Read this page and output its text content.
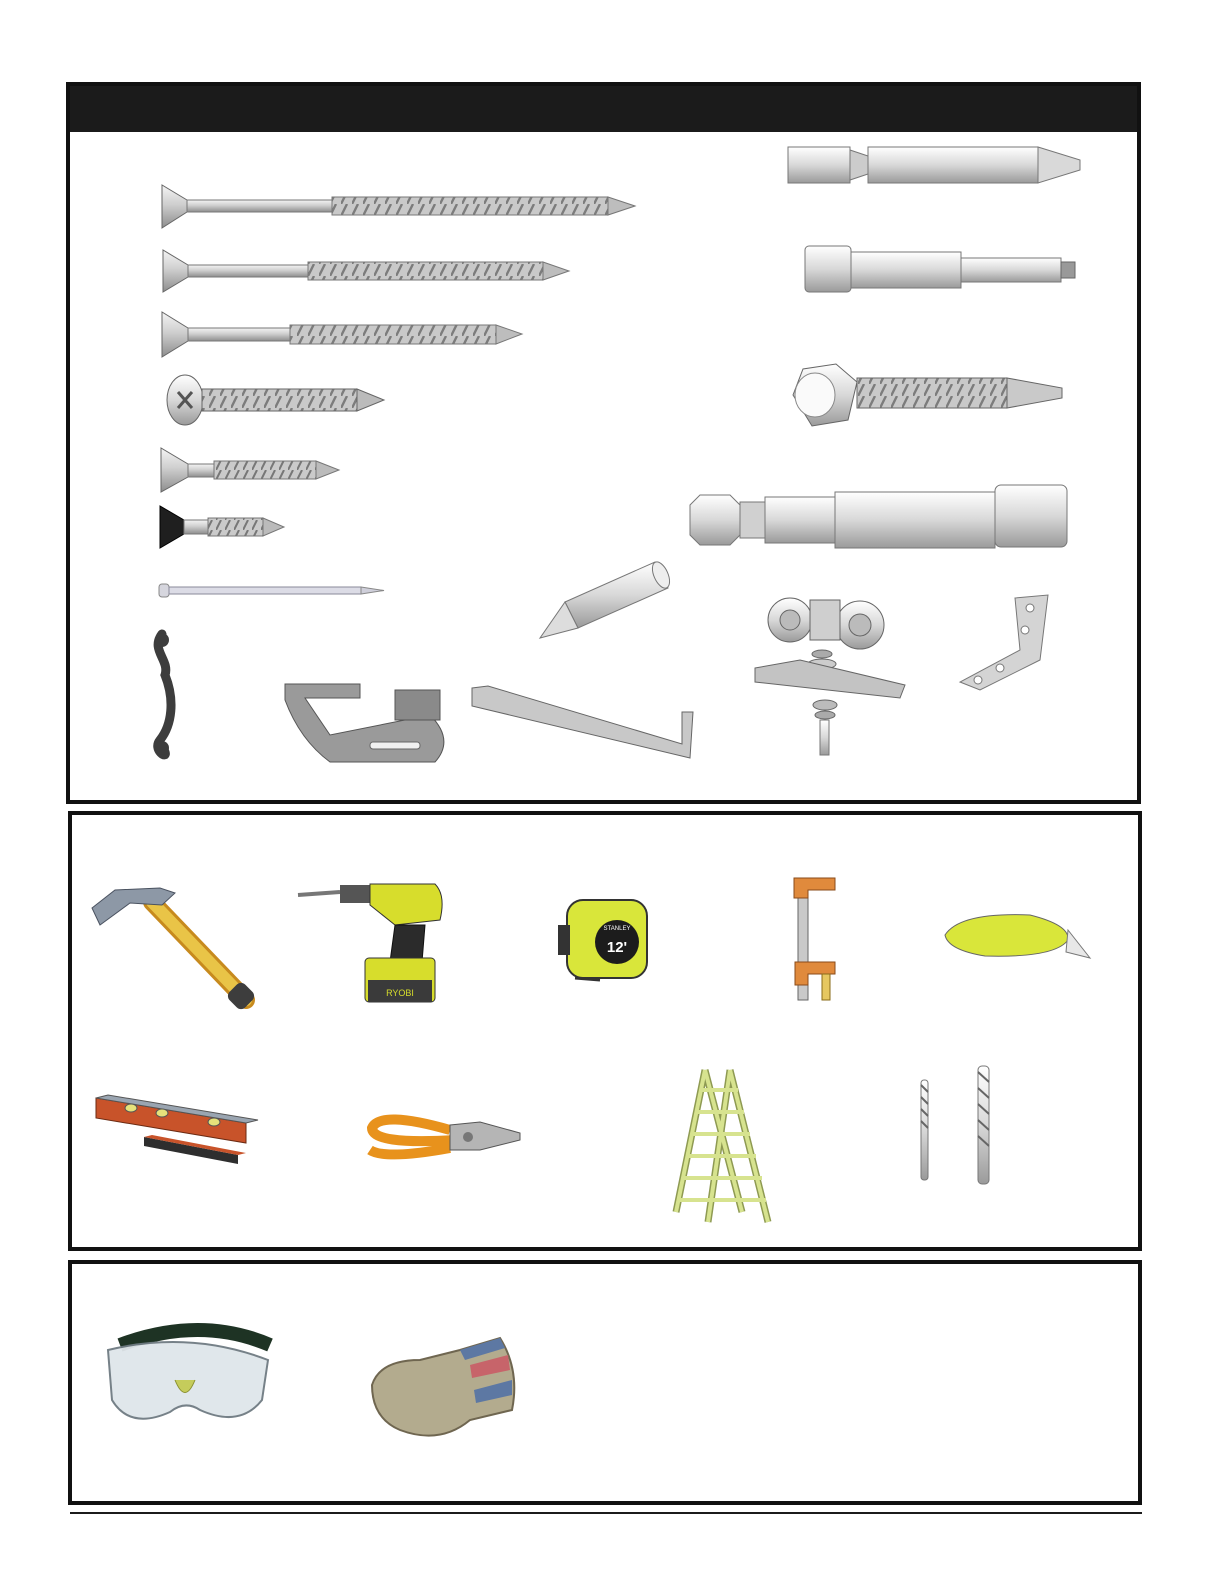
RYOBI
STANLEY
12'
